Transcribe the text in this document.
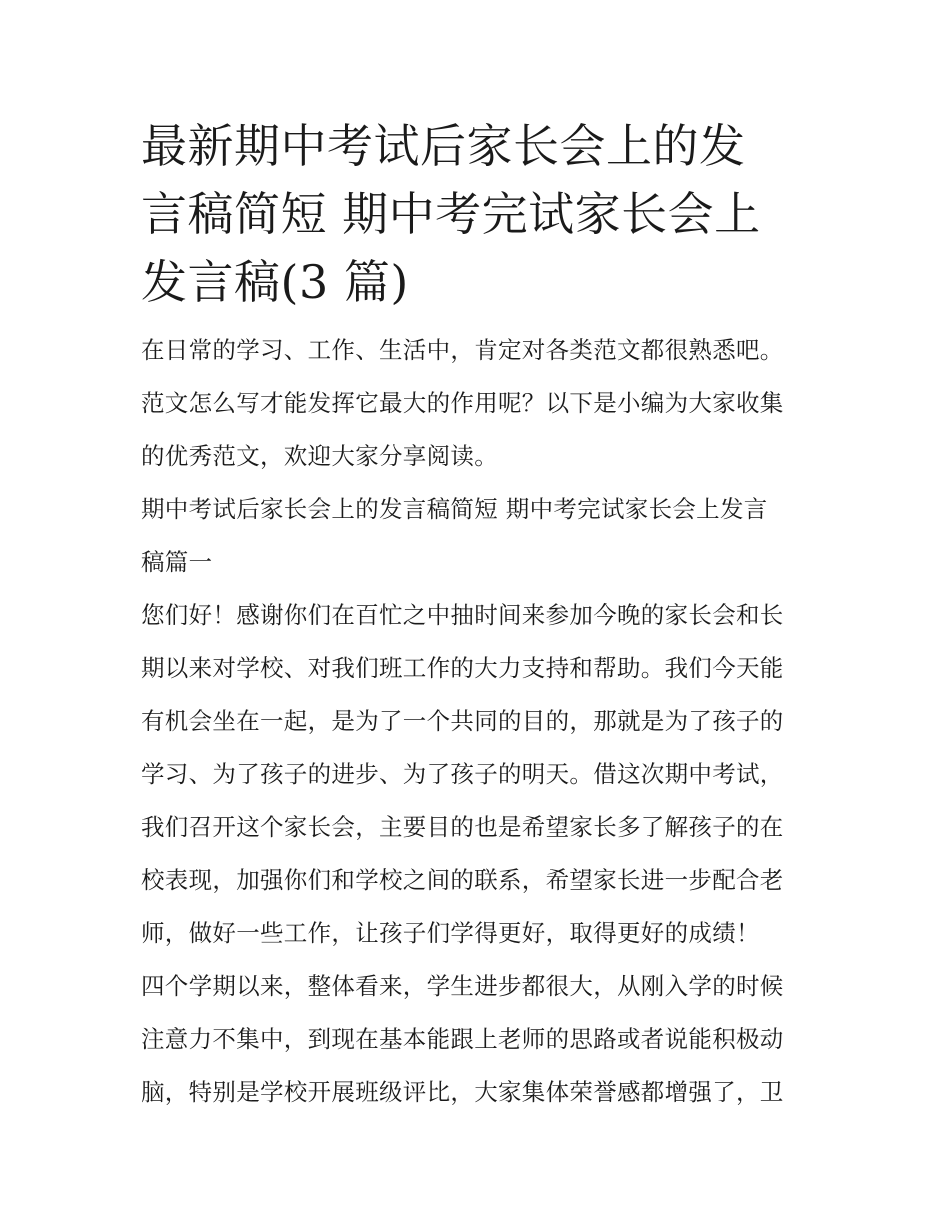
最新期中考试后家长会上的发
言稿简短 期中考完试家长会上
发言稿(3 篇)

在日常的学习、工作、生活中，肯定对各类范文都很熟悉吧。
范文怎么写才能发挥它最大的作用呢？以下是小编为大家收集
的优秀范文，欢迎大家分享阅读。

期中考试后家长会上的发言稿简短 期中考完试家长会上发言
稿篇一

您们好！感谢你们在百忙之中抽时间来参加今晚的家长会和长
期以来对学校、对我们班工作的大力支持和帮助。我们今天能
有机会坐在一起，是为了一个共同的目的，那就是为了孩子的
学习、为了孩子的进步、为了孩子的明天。借这次期中考试，
我们召开这个家长会，主要目的也是希望家长多了解孩子的在
校表现，加强你们和学校之间的联系，希望家长进一步配合老
师，做好一些工作，让孩子们学得更好，取得更好的成绩！

四个学期以来，整体看来，学生进步都很大，从刚入学的时候
注意力不集中，到现在基本能跟上老师的思路或者说能积极动
脑，特别是学校开展班级评比，大家集体荣誉感都增强了，卫
